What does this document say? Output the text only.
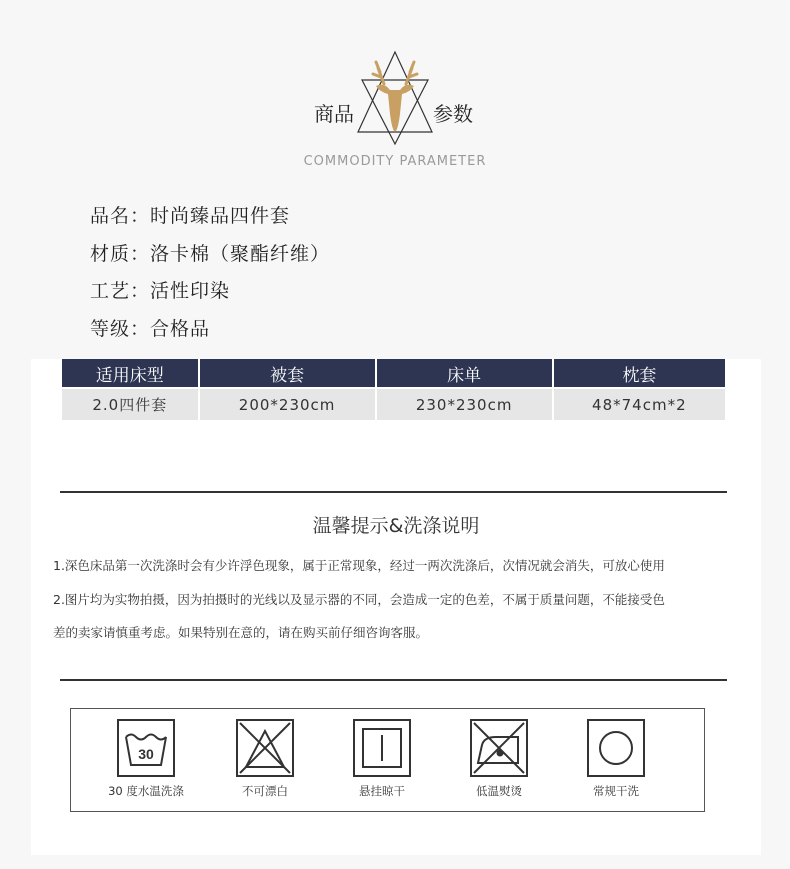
商品	参数
COMMODITY PARAMETER
品名：时尚臻品四件套
材质：洛卡棉（聚酯纤维）
工艺：活性印染
等级：合格品
适用床型	被套	床单	枕套
2.0四件套	200*230cm	230*230cm	48*74cm*2
温馨提示&洗涤说明
1.深色床品第一次洗涤时会有少许浮色现象，属于正常现象，经过一两次洗涤后，次情况就会消失，可放心使用
2.图片均为实物拍摄，因为拍摄时的光线以及显示器的不同，会造成一定的色差，不属于质量问题，不能接受色
差的卖家请慎重考虑。如果特别在意的，请在购买前仔细咨询客服。
30
30 度水温洗涤	不可漂白	悬挂晾干	低温熨烫	常规干洗
